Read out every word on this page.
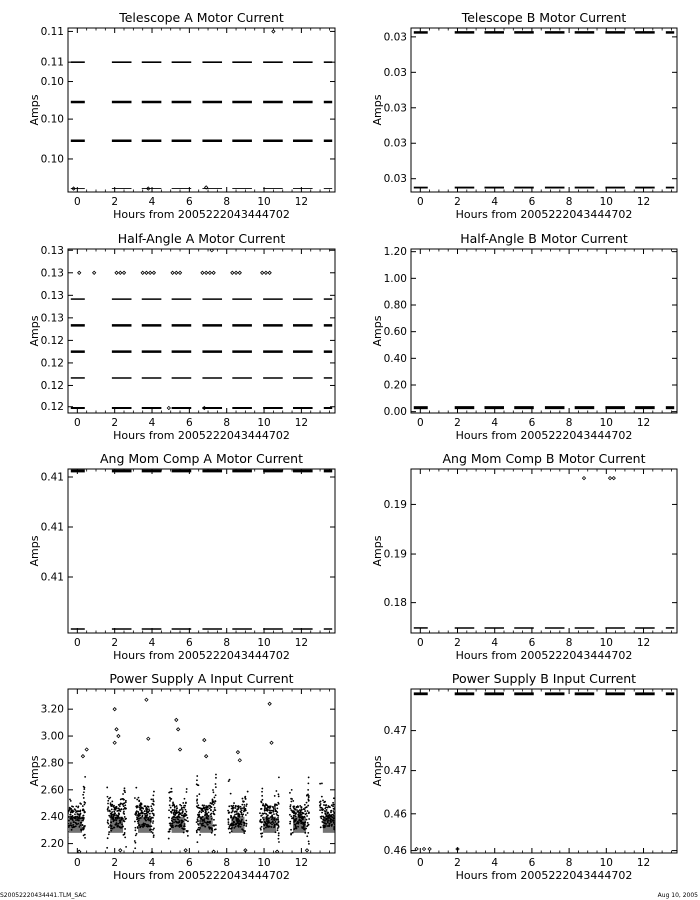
Telescope A Motor Current
0	2	4	6	8	10 12
0.10
0.10
0.10
0.11
0.11
Hours from 2005222043444702
Amps
Telescope B Motor Current
0	2	4	6	8	10 12
0.03
0.03
0.03
0.03
0.03
Hours from 2005222043444702
Amps
Half-Angle A Motor Current
0	2	4	6	8	10 12
0.12
0.12
0.12
0.12
0.13
0.13
0.13
0.13
Hours from 2005222043444702
Amps
Half-Angle B Motor Current
0	2	4	6	8	10 12
0.00
0.20
0.40
0.60
0.80
1.00
1.20
Hours from 2005222043444702
Amps
Ang Mom Comp A Motor Current
0	2	4	6	8	10 12
0.41
0.41
0.41
Hours from 2005222043444702
Amps
Ang Mom Comp B Motor Current
0	2	4	6	8	10 12
0.18
0.19
0.19
Hours from 2005222043444702
Amps
Power Supply A Input Current
0	2	4	6	8	10 12
2.20
2.40
2.60
2.80
3.00
3.20
Hours from 2005222043444702
Amps
Power Supply B Input Current
0	2	4	6	8	10 12
0.46
0.46
0.47
0.47
Hours from 2005222043444702
Amps
S20052220434441.TLM_SAC	Aug 10, 2005
